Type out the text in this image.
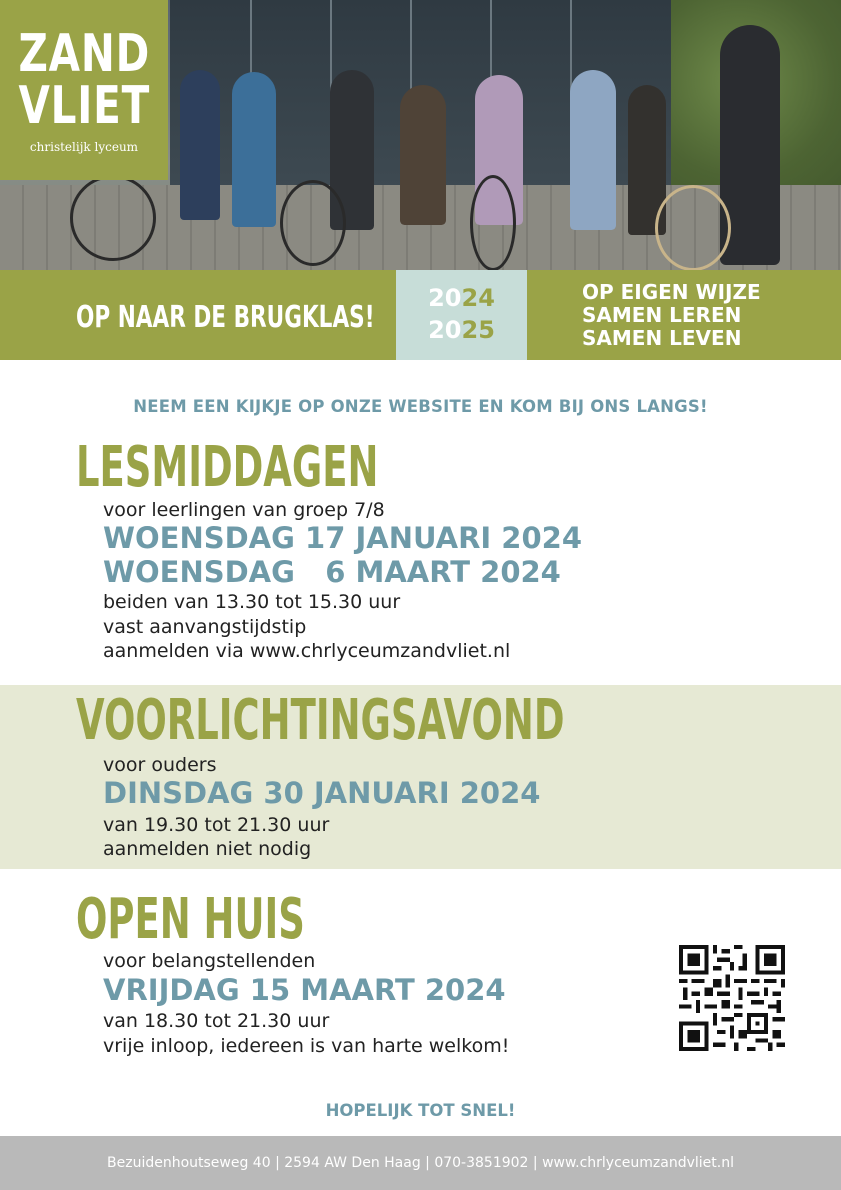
ZAND
VLIET
christelijk lyceum
OP NAAR DE BRUGKLAS!
2024
2025
OP EIGEN WIJZE
SAMEN LEREN
SAMEN LEVEN
NEEM EEN KIJKJE OP ONZE WEBSITE EN KOM BIJ ONS LANGS!
LESMIDDAGEN
voor leerlingen van groep 7/8
WOENSDAG 17 JANUARI 2024
WOENSDAG   6 MAART 2024
beiden van 13.30 tot 15.30 uur
vast aanvangstijdstip
aanmelden via www.chrlyceumzandvliet.nl
VOORLICHTINGSAVOND
voor ouders
DINSDAG 30 JANUARI 2024
van 19.30 tot 21.30 uur
aanmelden niet nodig
OPEN HUIS
voor belangstellenden
VRIJDAG 15 MAART 2024
van 18.30 tot 21.30 uur
vrije inloop, iedereen is van harte welkom!
HOPELIJK TOT SNEL!
Bezuidenhoutseweg 40 | 2594 AW Den Haag | 070-3851902 | www.chrlyceumzandvliet.nl
